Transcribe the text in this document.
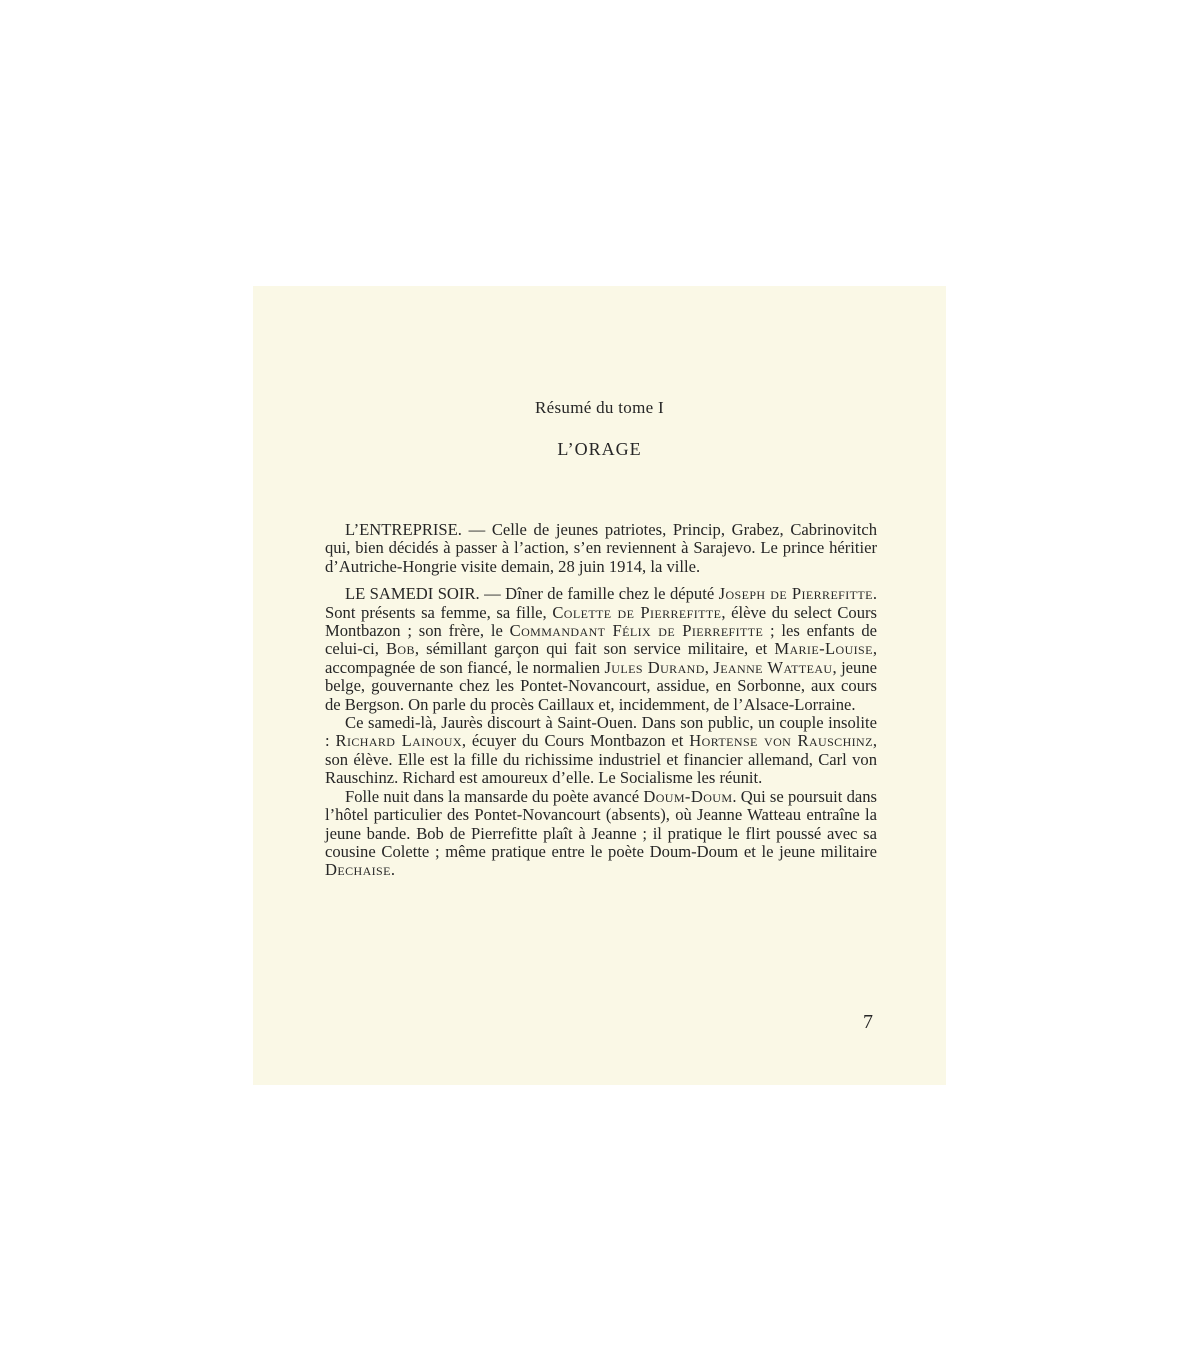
Résumé du tome I
L’ORAGE

L’ENTREPRISE. — Celle de jeunes patriotes, Princip, Grabez, Cabrinovitch qui, bien décidés à passer à l’action, s’en reviennent à Sarajevo. Le prince héritier d’Autriche-Hongrie visite demain, 28 juin 1914, la ville.

LE SAMEDI SOIR. — Dîner de famille chez le député Joseph de Pierrefitte. Sont présents sa femme, sa fille, Colette de Pierrefitte, élève du select Cours Montbazon ; son frère, le Commandant Félix de Pierrefitte ; les enfants de celui-ci, Bob, sémillant garçon qui fait son service militaire, et Marie-Louise, accompagnée de son fiancé, le normalien Jules Durand, Jeanne Watteau, jeune belge, gouvernante chez les Pontet-Novancourt, assidue, en Sorbonne, aux cours de Bergson. On parle du procès Caillaux et, incidemment, de l’Alsace-Lorraine.

Ce samedi-là, Jaurès discourt à Saint-Ouen. Dans son public, un couple insolite : Richard Lainoux, écuyer du Cours Montbazon et Hortense von Rauschinz, son élève. Elle est la fille du richissime industriel et financier allemand, Carl von Rauschinz. Richard est amoureux d’elle. Le Socialisme les réunit.

Folle nuit dans la mansarde du poète avancé Doum-Doum. Qui se poursuit dans l’hôtel particulier des Pontet-Novancourt (absents), où Jeanne Watteau entraîne la jeune bande. Bob de Pierrefitte plaît à Jeanne ; il pratique le flirt poussé avec sa cousine Colette ; même pratique entre le poète Doum-Doum et le jeune militaire Dechaise.

7
